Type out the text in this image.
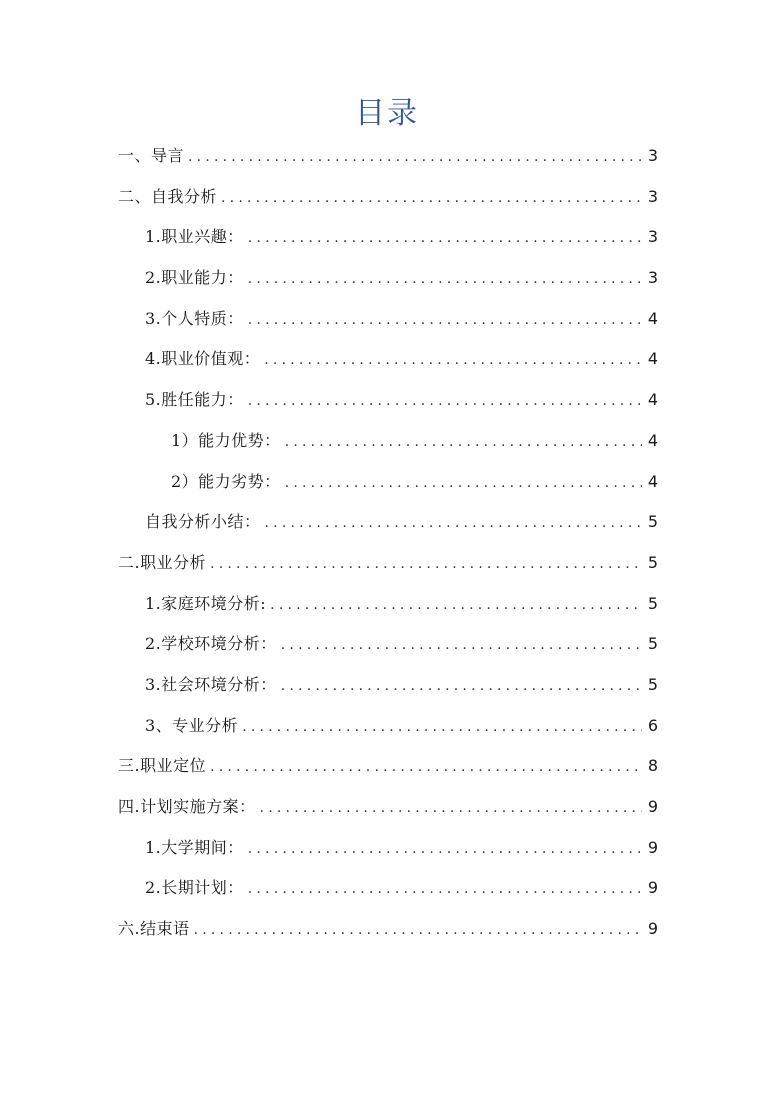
目录
一、导言 .....	3
二、自我分析 .....	3
1.职业兴趣： .....	3
2.职业能力： .....	3
3.个人特质： .....	4
4.职业价值观： .....	4
5.胜任能力： .....	4
1）能力优势： .....	4
2）能力劣势： .....	4
自我分析小结： .....	5
二.职业分析 .....	5
1.家庭环境分析: .....	5
2.学校环境分析： .....	5
3.社会环境分析： .....	5
3、专业分析 .....	6
三.职业定位 .....	8
四.计划实施方案： .....	9
1.大学期间： .....	9
2.长期计划： .....	9
六.结束语 .....	9
